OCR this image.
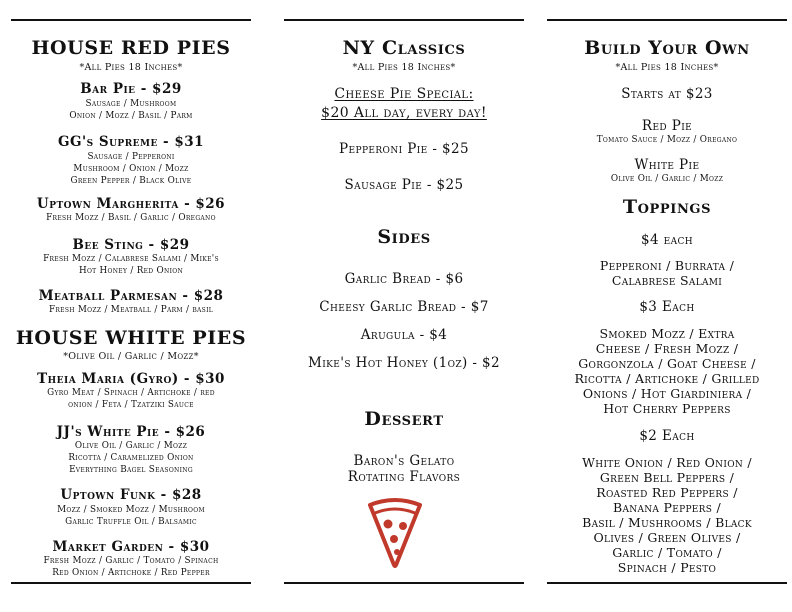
HOUSE RED PIES
*All Pies 18 Inches*
Bar Pie - $29
Sausage / Mushroom
Onion / Mozz / Basil / Parm
GG's Supreme - $31
Sausage / Pepperoni
Mushroom / Onion / Mozz
Green Pepper / Black Olive
Uptown Margherita - $26
Fresh Mozz / Basil / Garlic / Oregano
Bee Sting - $29
Fresh Mozz / Calabrese Salami / Mike's
Hot Honey / Red Onion
Meatball Parmesan - $28
Fresh Mozz / Meatball / Parm / basil
HOUSE WHITE PIES
*Olive Oil / Garlic / Mozz*
Theia Maria (Gyro) - $30
Gyro Meat / Spinach / Artichoke / red
onion / Feta / Tzatziki Sauce
JJ's White Pie - $26
Olive Oil / Garlic / Mozz
Ricotta / Caramelized Onion
Everything Bagel Seasoning
Uptown Funk - $28
Mozz / Smoked Mozz / Mushroom
Garlic Truffle Oil / Balsamic
Market Garden - $30
Fresh Mozz / Garlic / Tomato / Spinach
Red Onion / Artichoke / Red Pepper
NY Classics
*All Pies 18 Inches*
Cheese Pie Special:
$20 All day, every day!
Pepperoni Pie - $25
Sausage Pie - $25
Sides
Garlic Bread - $6
Cheesy Garlic Bread - $7
Arugula - $4
Mike's Hot Honey (1oz) - $2
Dessert
Baron's Gelato
Rotating Flavors
Build Your Own
*All Pies 18 Inches*
Starts at $23
Red Pie
Tomato Sauce / Mozz / Oregano
White Pie
Olive Oil / Garlic / Mozz
Toppings
$4 each
Pepperoni / Burrata /
Calabrese Salami
$3 Each
Smoked Mozz / Extra
Cheese / Fresh Mozz /
Gorgonzola / Goat Cheese /
Ricotta / Artichoke / Grilled
Onions / Hot Giardiniera /
Hot Cherry Peppers
$2 Each
White Onion / Red Onion /
Green Bell Peppers /
Roasted Red Peppers /
Banana Peppers /
Basil / Mushrooms / Black
Olives / Green Olives /
Garlic / Tomato /
Spinach / Pesto
